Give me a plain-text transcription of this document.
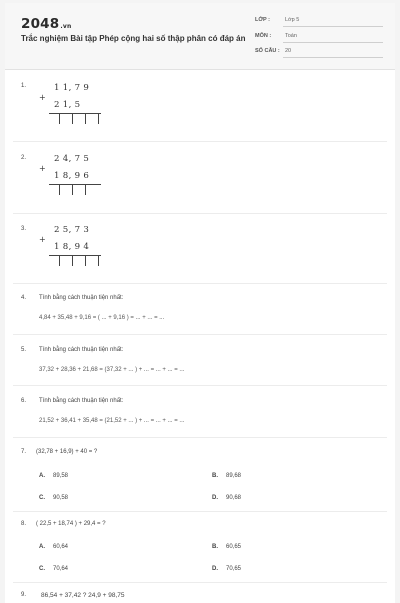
2048.vn
Trắc nghiệm Bài tập Phép cộng hai số thập phân có đáp án
LỚP :	Lớp 5
MÔN :	Toán
SỐ CÂU : 20
1.
+
1 1, 7 9
2 1, 5
2.
+
2 4, 7 5
1 8, 9 6
3.
+
2 5, 7 3
1 8, 9 4
4. Tính bằng cách thuận tiện nhất:
4,84 + 35,48 + 9,16 = ( ... + 9,16 ) = ... + ... = ...
5. Tính bằng cách thuận tiện nhất:
37,32 + 28,36 + 21,68 = (37,32 + ... ) + ... = ... + ... = ...
6. Tính bằng cách thuận tiện nhất:
21,52 + 36,41 + 35,48 = (21,52 + ... ) + ... = ... + ... = ...
7. (32,78 + 16,9) + 40 = ?
A. 89,58	B. 89,68
C. 90,58	D. 90,68
8. ( 22,5 + 18,74 ) + 29,4 = ?
A. 60,64	B. 60,65
C. 70,64	D. 70,65
9. 86,54 + 37,42 ? 24,9 + 98,75
